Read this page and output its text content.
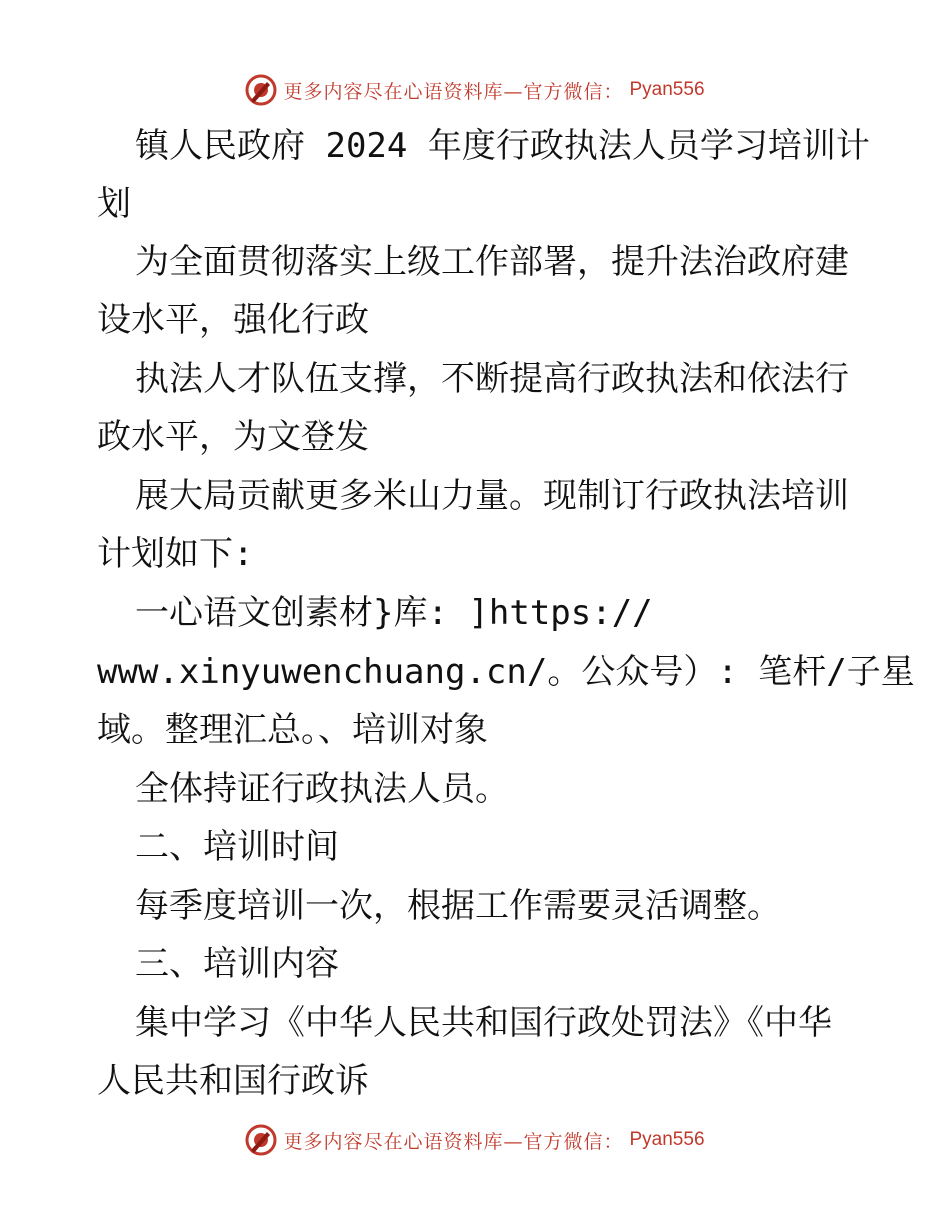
更多内容尽在心语资料库—官方微信： Pyan556
镇人民政府 2024 年度行政执法人员学习培训计
划
为全面贯彻落实上级工作部署，提升法治政府建
设水平，强化行政
执法人才队伍支撑，不断提高行政执法和依法行
政水平，为文登发
展大局贡献更多米山力量。现制订行政执法培训
计划如下:
一心语文创素材}库: ]https://
www.xinyuwenchuang.cn/。公众号）: 笔杆/子星
域。整理汇总。、培训对象
全体持证行政执法人员。
二、培训时间
每季度培训一次，根据工作需要灵活调整。
三、培训内容
集中学习《中华人民共和国行政处罚法》《中华
人民共和国行政诉
更多内容尽在心语资料库—官方微信： Pyan556
